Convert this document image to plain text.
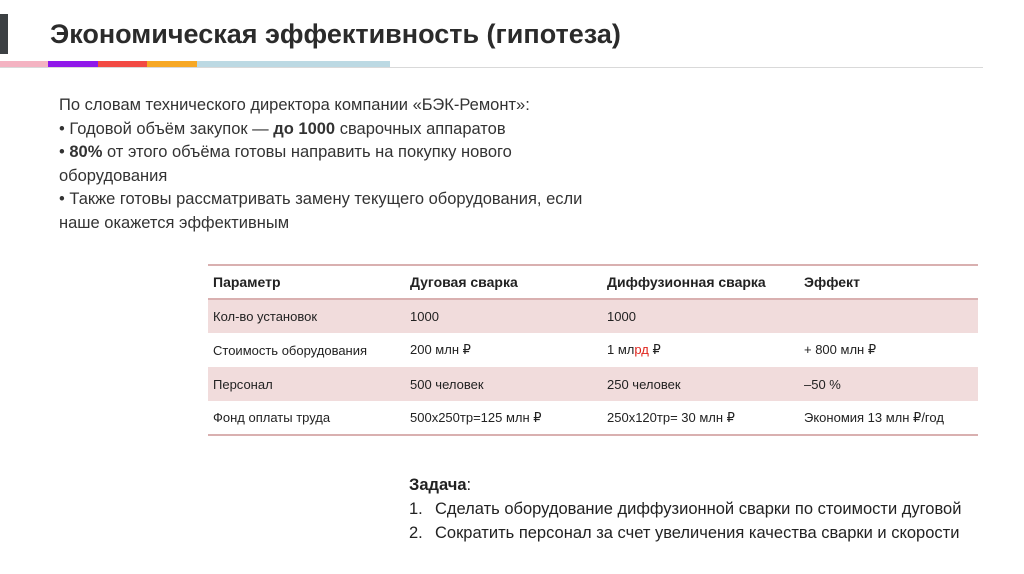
Экономическая эффективность (гипотеза)

По словам технического директора компании «БЭК-Ремонт»:

• Годовой объём закупок — до 1000 сварочных аппаратов

• 80% от этого объёма готовы направить на покупку нового оборудования

• Также готовы рассматривать замену текущего оборудования, если наше окажется эффективным

Параметр	Дуговая сварка	Диффузионная сварка	Эффект
Кол-во установок	1000	1000	
Стоимость оборудования	200 млн ₽	1 млрд ₽	+ 800 млн ₽
Персонал	500 человек	250 человек	–50 %
Фонд оплаты труда	500х250тр=125 млн ₽	250х120тр= 30 млн ₽	Экономия 13 млн ₽/год
Задача:
1. Сделать оборудование диффузионной сварки по стоимости дуговой
2. Сократить персонал за счет увеличения качества сварки и скорости
